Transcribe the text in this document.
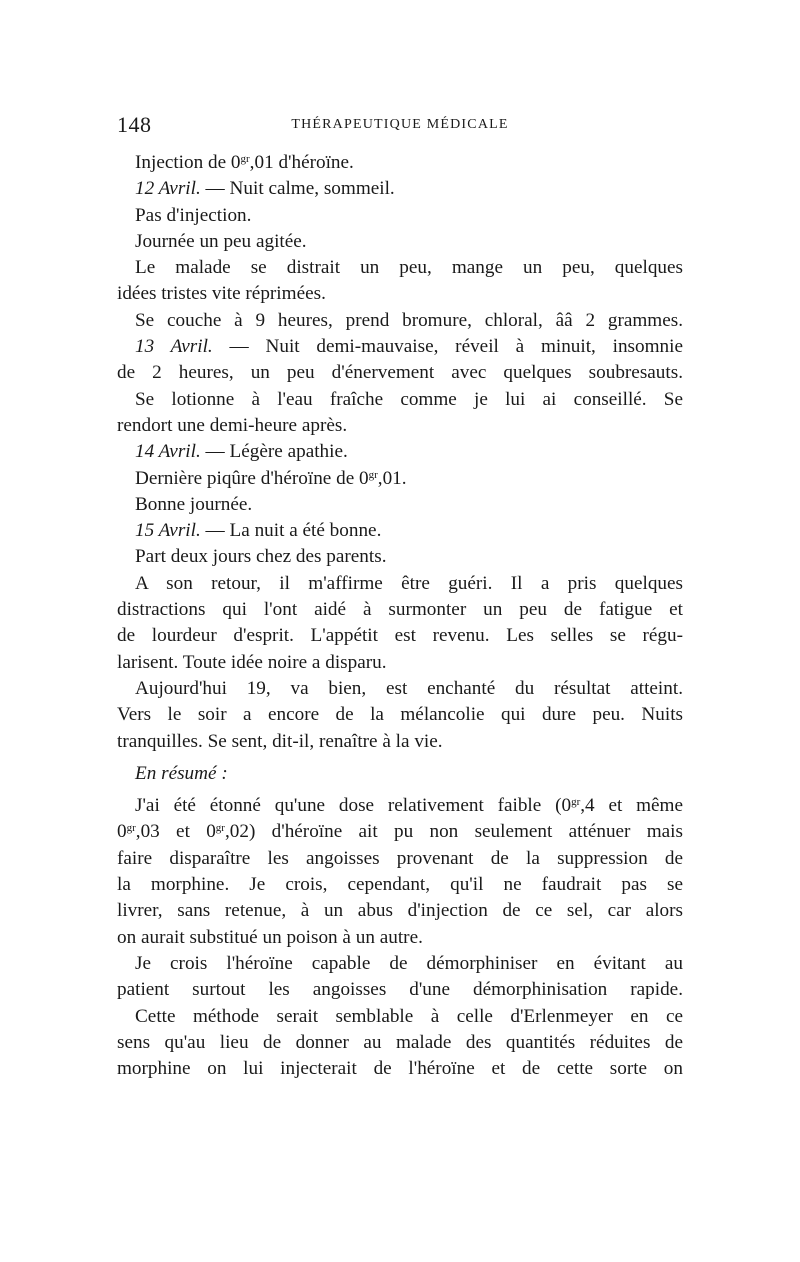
148	THÉRAPEUTIQUE MÉDICALE
Injection de $0^{gr},01$ d'héroïne.
12 Avril. — Nuit calme, sommeil.
Pas d'injection.
Journée un peu agitée.
Le malade se distrait un peu, mange un peu, quelques
idées tristes vite réprimées.
Se couche à 9 heures, prend bromure, chloral, ââ 2 grammes.
13 Avril. — Nuit demi-mauvaise, réveil à minuit, insomnie
de 2 heures, un peu d'énervement avec quelques soubresauts.
Se lotionne à l'eau fraîche comme je lui ai conseillé. Se
rendort une demi-heure après.
14 Avril. — Légère apathie.
Dernière piqûre d'héroïne de $0^{gr},01$.
Bonne journée.
15 Avril. — La nuit a été bonne.
Part deux jours chez des parents.
A son retour, il m'affirme être guéri. Il a pris quelques
distractions qui l'ont aidé à surmonter un peu de fatigue et
de lourdeur d'esprit. L'appétit est revenu. Les selles se régu-
larisent. Toute idée noire a disparu.
Aujourd'hui 19, va bien, est enchanté du résultat atteint.
Vers le soir a encore de la mélancolie qui dure peu. Nuits
tranquilles. Se sent, dit-il, renaître à la vie.
En résumé :
J'ai été étonné qu'une dose relativement faible ($0^{gr},4$ et même
$0^{gr},03$ et $0^{gr},02$) d'héroïne ait pu non seulement atténuer mais
faire disparaître les angoisses provenant de la suppression de
la morphine. Je crois, cependant, qu'il ne faudrait pas se
livrer, sans retenue, à un abus d'injection de ce sel, car alors
on aurait substitué un poison à un autre.
Je crois l'héroïne capable de démorphiniser en évitant au
patient surtout les angoisses d'une démorphinisation rapide.
Cette méthode serait semblable à celle d'Erlenmeyer en ce
sens qu'au lieu de donner au malade des quantités réduites de
morphine on lui injecterait de l'héroïne et de cette sorte on
